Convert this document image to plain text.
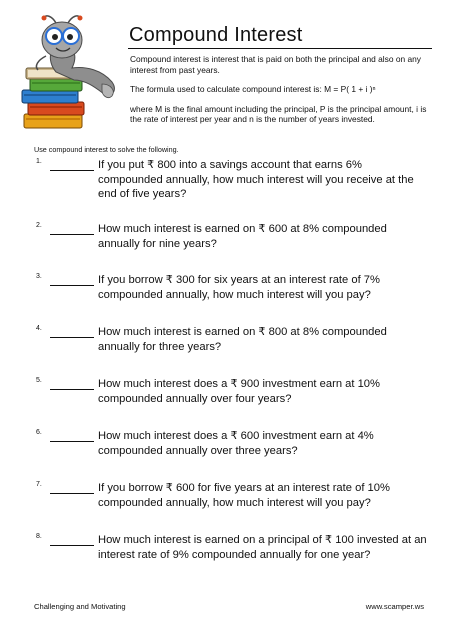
Compound Interest

Compound interest is interest that is paid on both the principal and also on any interest from past years.

The formula used to calculate compound interest is: M = P( 1 + i )ⁿ

where M is the final amount including the principal, P is the principal amount, i is the rate of interest per year and n is the number of years invested.

Use compound interest to solve the following.
1.	If you put ₹ 800 into a savings account that earns 6% compounded annually, how much interest will you receive at the end of five years?
2.	How much interest is earned on ₹ 600 at 8% compounded annually for nine years?
3.	If you borrow ₹ 300 for six years at an interest rate of 7% compounded annually, how much interest will you pay?
4.	How much interest is earned on ₹ 800 at 8% compounded annually for three years?
5.	How much interest does a ₹ 900 investment earn at 10% compounded annually over four years?
6.	How much interest does a ₹ 600 investment earn at 4% compounded annually over three years?
7.	If you borrow ₹ 600 for five years at an interest rate of 10% compounded annually, how much interest will you pay?
8.	How much interest is earned on a principal of ₹ 100 invested at an interest rate of 9% compounded annually for one year?
Challenging and Motivating	www.scamper.ws
